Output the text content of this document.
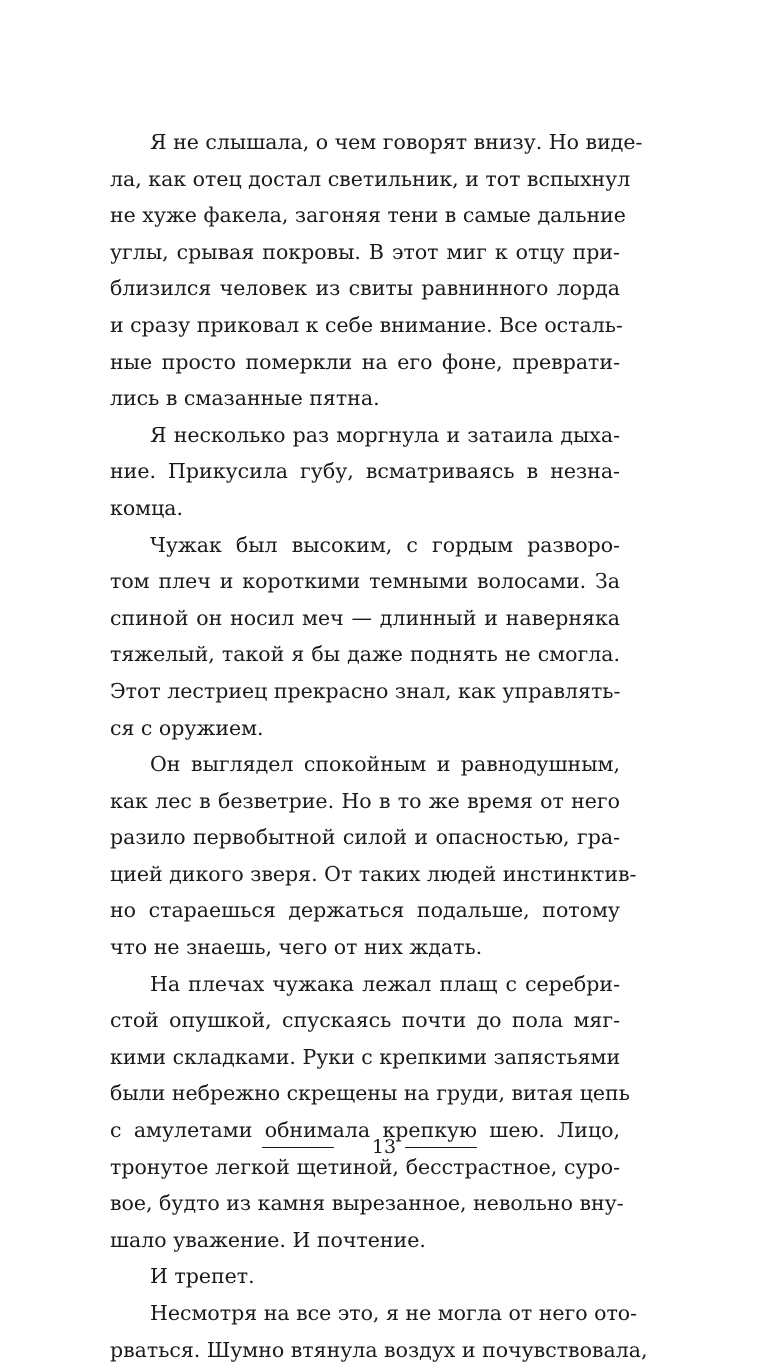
Я не слышала, о чем говорят внизу. Но виде-
ла, как отец достал светильник, и тот вспыхнул
не хуже факела, загоняя тени в самые дальние
углы, срывая покровы. В этот миг к отцу при-
близился человек из свиты равнинного лорда
и сразу приковал к себе внимание. Все осталь-
ные просто померкли на его фоне, преврати-
лись в смазанные пятна.

Я несколько раз моргнула и затаила дыха-
ние. Прикусила губу, всматриваясь в незна-
комца.

Чужак был высоким, с гордым разворо-
том плеч и короткими темными волосами. За
спиной он носил меч — длинный и наверняка
тяжелый, такой я бы даже поднять не смогла.
Этот лестриец прекрасно знал, как управлять-
ся с оружием.

Он выглядел спокойным и равнодушным,
как лес в безветрие. Но в то же время от него
разило первобытной силой и опасностью, гра-
цией дикого зверя. От таких людей инстинктив-
но стараешься держаться подальше, потому
что не знаешь, чего от них ждать.

На плечах чужака лежал плащ с серебри-
стой опушкой, спускаясь почти до пола мяг-
кими складками. Руки с крепкими запястьями
были небрежно скрещены на груди, витая цепь
с амулетами обнимала крепкую шею. Лицо,
тронутое легкой щетиной, бесстрастное, суро-
вое, будто из камня вырезанное, невольно вну-
шало уважение. И почтение.

И трепет.

Несмотря на все это, я не могла от него ото-
рваться. Шумно втянула воздух и почувствовала,

13
